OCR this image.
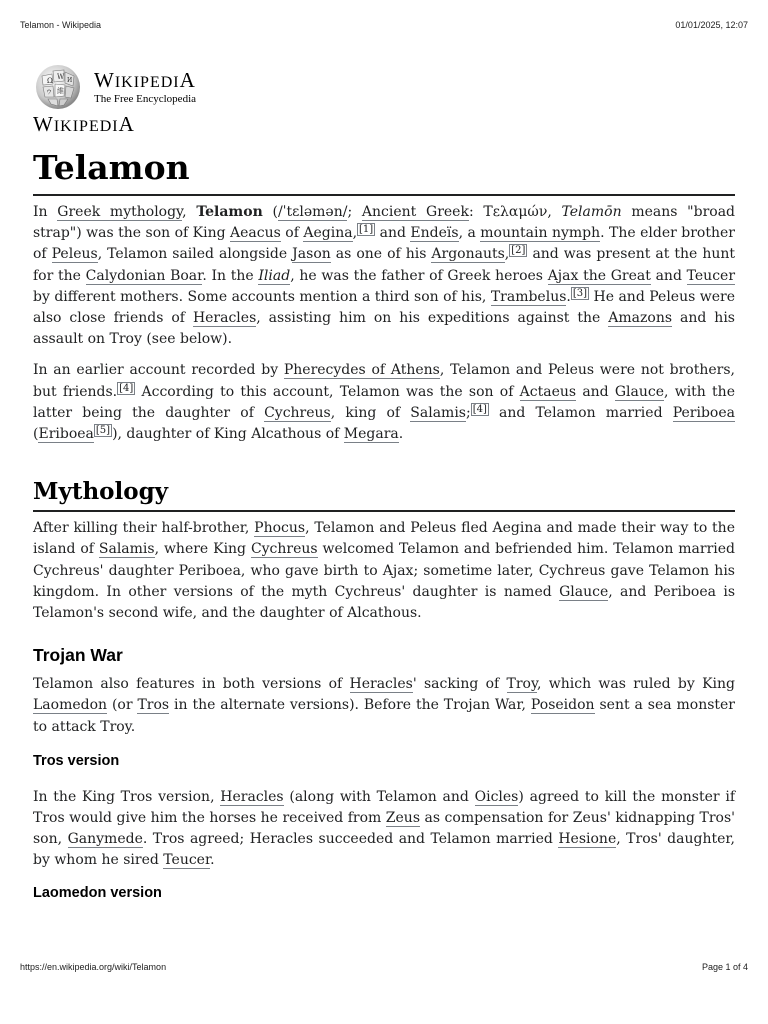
Telamon - Wikipedia	01/01/2025, 12:07
Ω W И
維
ウ
WIKIPEDIA
The Free Encyclopedia
WIKIPEDIA
Telamon

In Greek mythology, Telamon (/ˈtɛləmən/; Ancient Greek: Τελαμών, Telamōn means "broad strap") was the son of King Aeacus of Aegina, [1] and Endeïs, a mountain nymph. The elder brother of Peleus, Telamon sailed alongside Jason as one of his Argonauts, [2] and was present at the hunt for the Calydonian Boar. In the Iliad, he was the father of Greek heroes Ajax the Great and Teucer by different mothers. Some accounts mention a third son of his, Trambelus. [3] He and Peleus were also close friends of Heracles, assisting him on his expeditions against the Amazons and his assault on Troy (see below).

In an earlier account recorded by Pherecydes of Athens, Telamon and Peleus were not brothers, but friends. [4] According to this account, Telamon was the son of Actaeus and Glauce, with the latter being the daughter of Cychreus, king of Salamis; [4] and Telamon married Periboea (Eriboea [5] ), daughter of King Alcathous of Megara.

Mythology

After killing their half-brother, Phocus, Telamon and Peleus fled Aegina and made their way to the island of Salamis, where King Cychreus welcomed Telamon and befriended him. Telamon married Cychreus' daughter Periboea, who gave birth to Ajax; sometime later, Cychreus gave Telamon his kingdom. In other versions of the myth Cychreus' daughter is named Glauce, and Periboea is Telamon's second wife, and the daughter of Alcathous.

Trojan War

Telamon also features in both versions of Heracles' sacking of Troy, which was ruled by King Laomedon (or Tros in the alternate versions). Before the Trojan War, Poseidon sent a sea monster to attack Troy.

Tros version

In the King Tros version, Heracles (along with Telamon and Oicles) agreed to kill the monster if Tros would give him the horses he received from Zeus as compensation for Zeus' kidnapping Tros' son, Ganymede. Tros agreed; Heracles succeeded and Telamon married Hesione, Tros' daughter, by whom he sired Teucer.

Laomedon version
https://en.wikipedia.org/wiki/Telamon	Page 1 of 4
